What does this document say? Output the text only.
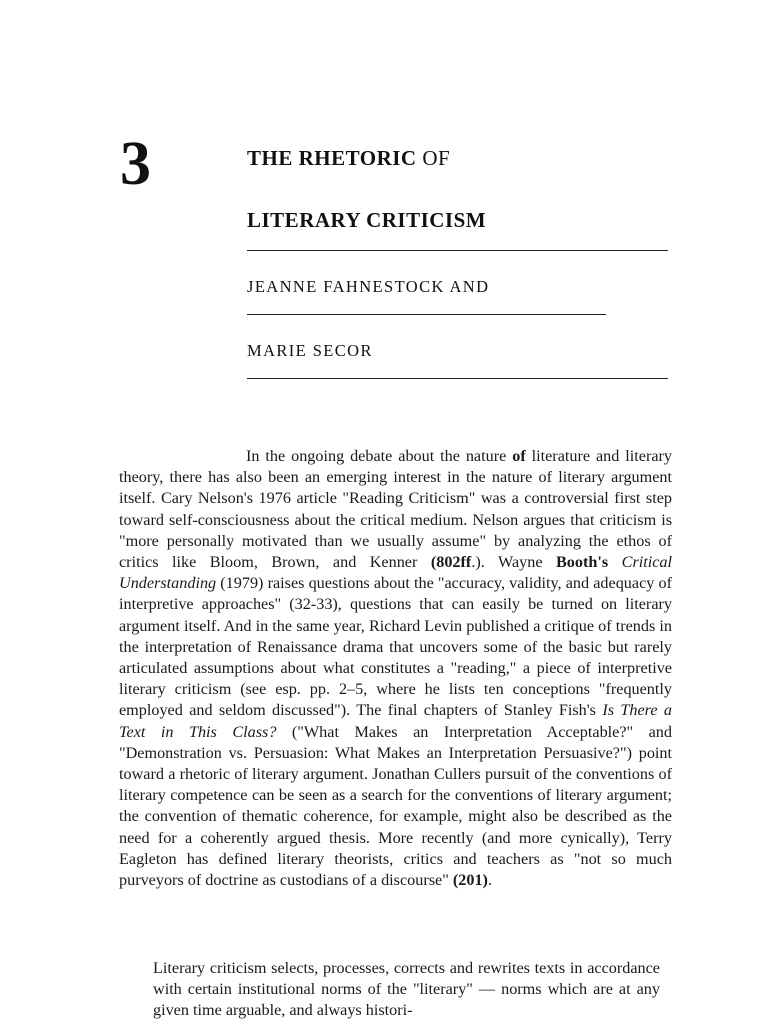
3	THE RHETORIC OF
LITERARY CRITICISM
JEANNE FAHNESTOCK AND
MARIE SECOR

In the ongoing debate about the nature of literature and literary theory, there has also been an emerging interest in the nature of literary argument itself. Cary Nelson's 1976 article "Reading Criticism" was a controversial first step toward self-consciousness about the critical medium. Nelson argues that criticism is "more personally motivated than we usually assume" by analyzing the ethos of critics like Bloom, Brown, and Kenner (802ff.). Wayne Booth's Critical Understanding (1979) raises questions about the "accuracy, validity, and adequacy of interpretive approaches" (32-33), questions that can easily be turned on literary argument itself. And in the same year, Richard Levin published a critique of trends in the interpretation of Renaissance drama that uncovers some of the basic but rarely articulated assumptions about what constitutes a "reading," a piece of interpretive literary criticism (see esp. pp. 2–5, where he lists ten conceptions "frequently employed and seldom discussed"). The final chapters of Stanley Fish's Is There a Text in This Class? ("What Makes an Interpretation Acceptable?" and "Demonstration vs. Persuasion: What Makes an Interpretation Persuasive?") point toward a rhetoric of literary argument. Jonathan Cullers pursuit of the conventions of literary competence can be seen as a search for the conventions of literary argument; the convention of thematic coherence, for example, might also be described as the need for a coherently argued thesis. More recently (and more cynically), Terry Eagleton has defined literary theorists, critics and teachers as "not so much purveyors of doctrine as custodians of a discourse" (201).

Literary criticism selects, processes, corrects and rewrites texts in accordance with certain institutional norms of the "literary" — norms which are at any given time arguable, and always histori-
